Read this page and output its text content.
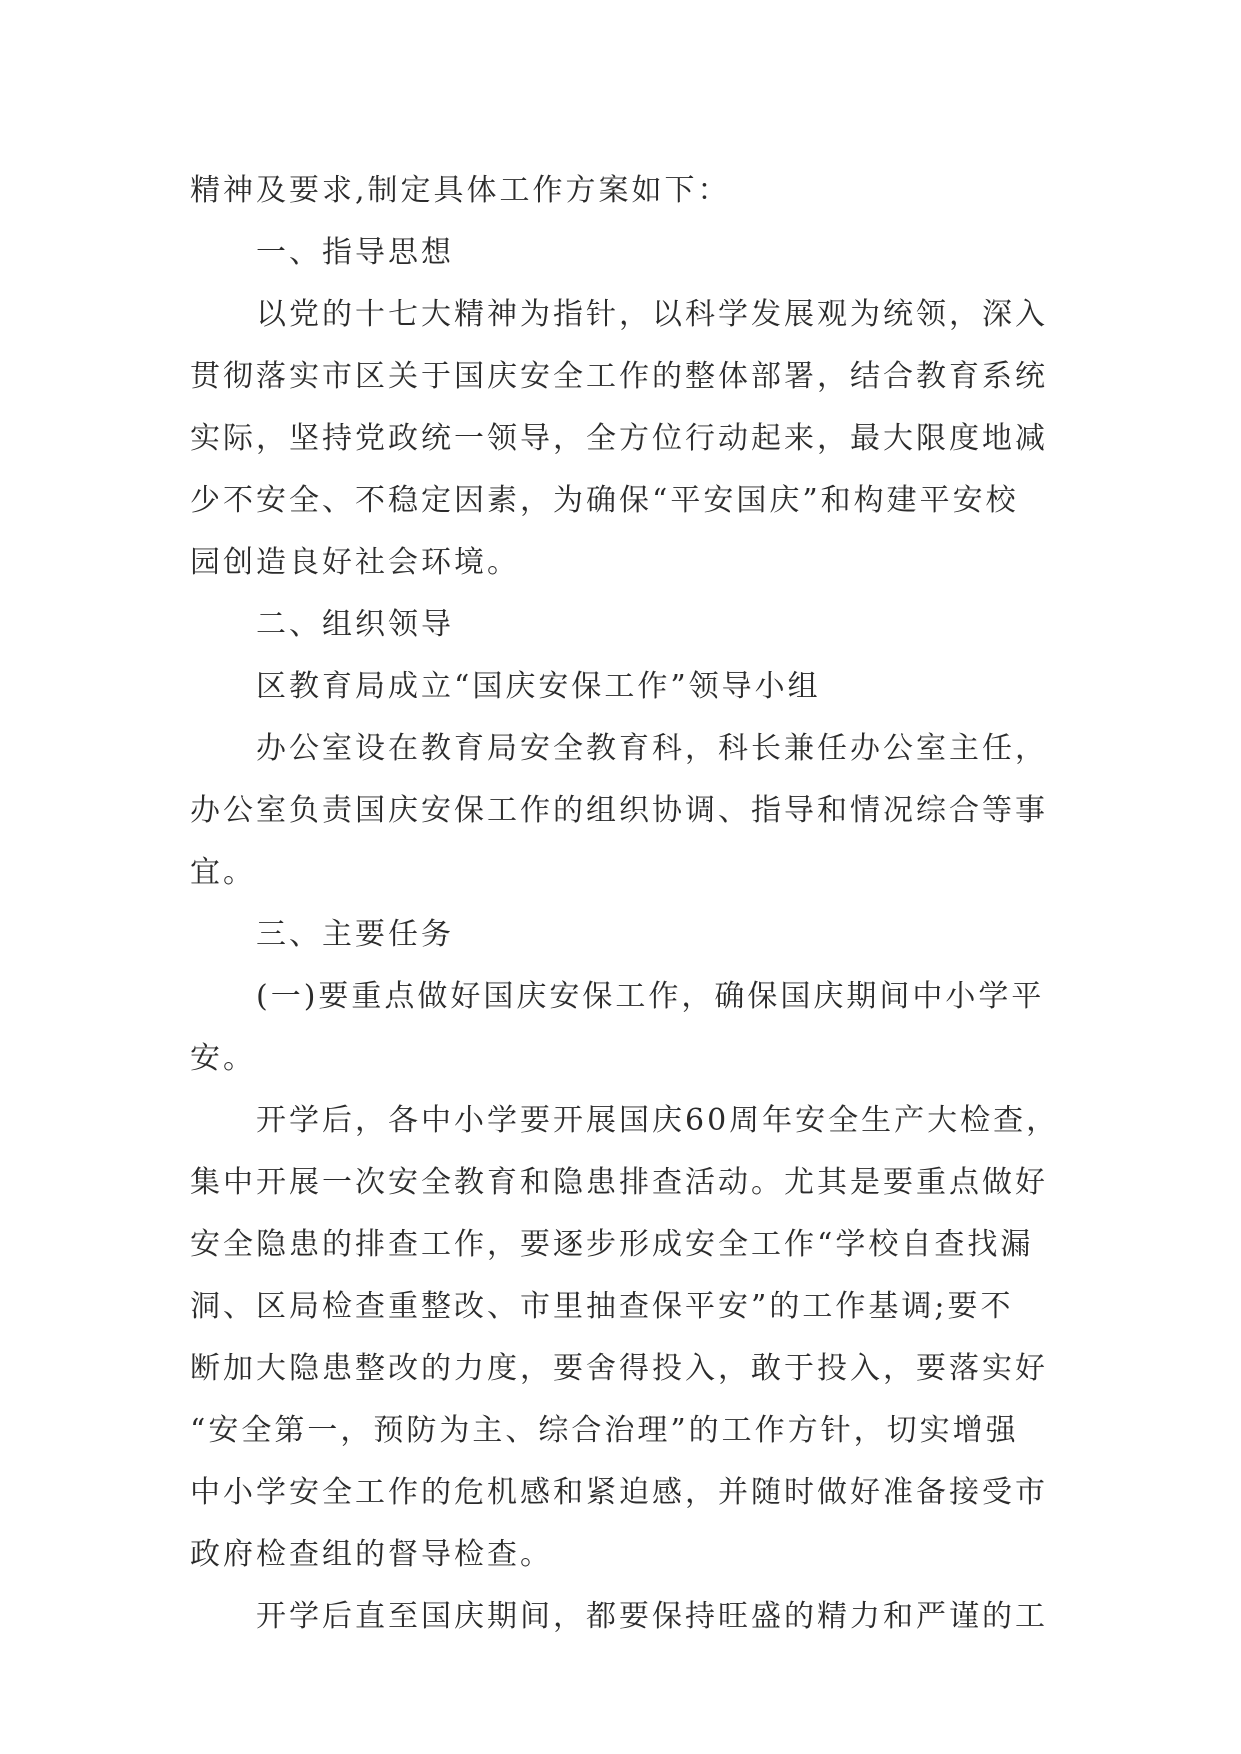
精神及要求,制定具体工作方案如下：
一、指导思想
以党的十七大精神为指针，以科学发展观为统领，深入
贯彻落实市区关于国庆安全工作的整体部署，结合教育系统
实际，坚持党政统一领导，全方位行动起来，最大限度地减
少不安全、不稳定因素，为确保“平安国庆”和构建平安校
园创造良好社会环境。
二、组织领导
区教育局成立“国庆安保工作”领导小组
办公室设在教育局安全教育科，科长兼任办公室主任，
办公室负责国庆安保工作的组织协调、指导和情况综合等事
宜。
三、主要任务
(一)要重点做好国庆安保工作，确保国庆期间中小学平
安。
开学后，各中小学要开展国庆60周年安全生产大检查，
集中开展一次安全教育和隐患排查活动。尤其是要重点做好
安全隐患的排查工作，要逐步形成安全工作“学校自查找漏
洞、区局检查重整改、市里抽查保平安”的工作基调;要不
断加大隐患整改的力度，要舍得投入，敢于投入，要落实好
“安全第一，预防为主、综合治理”的工作方针，切实增强
中小学安全工作的危机感和紧迫感，并随时做好准备接受市
政府检查组的督导检查。
开学后直至国庆期间，都要保持旺盛的精力和严谨的工
